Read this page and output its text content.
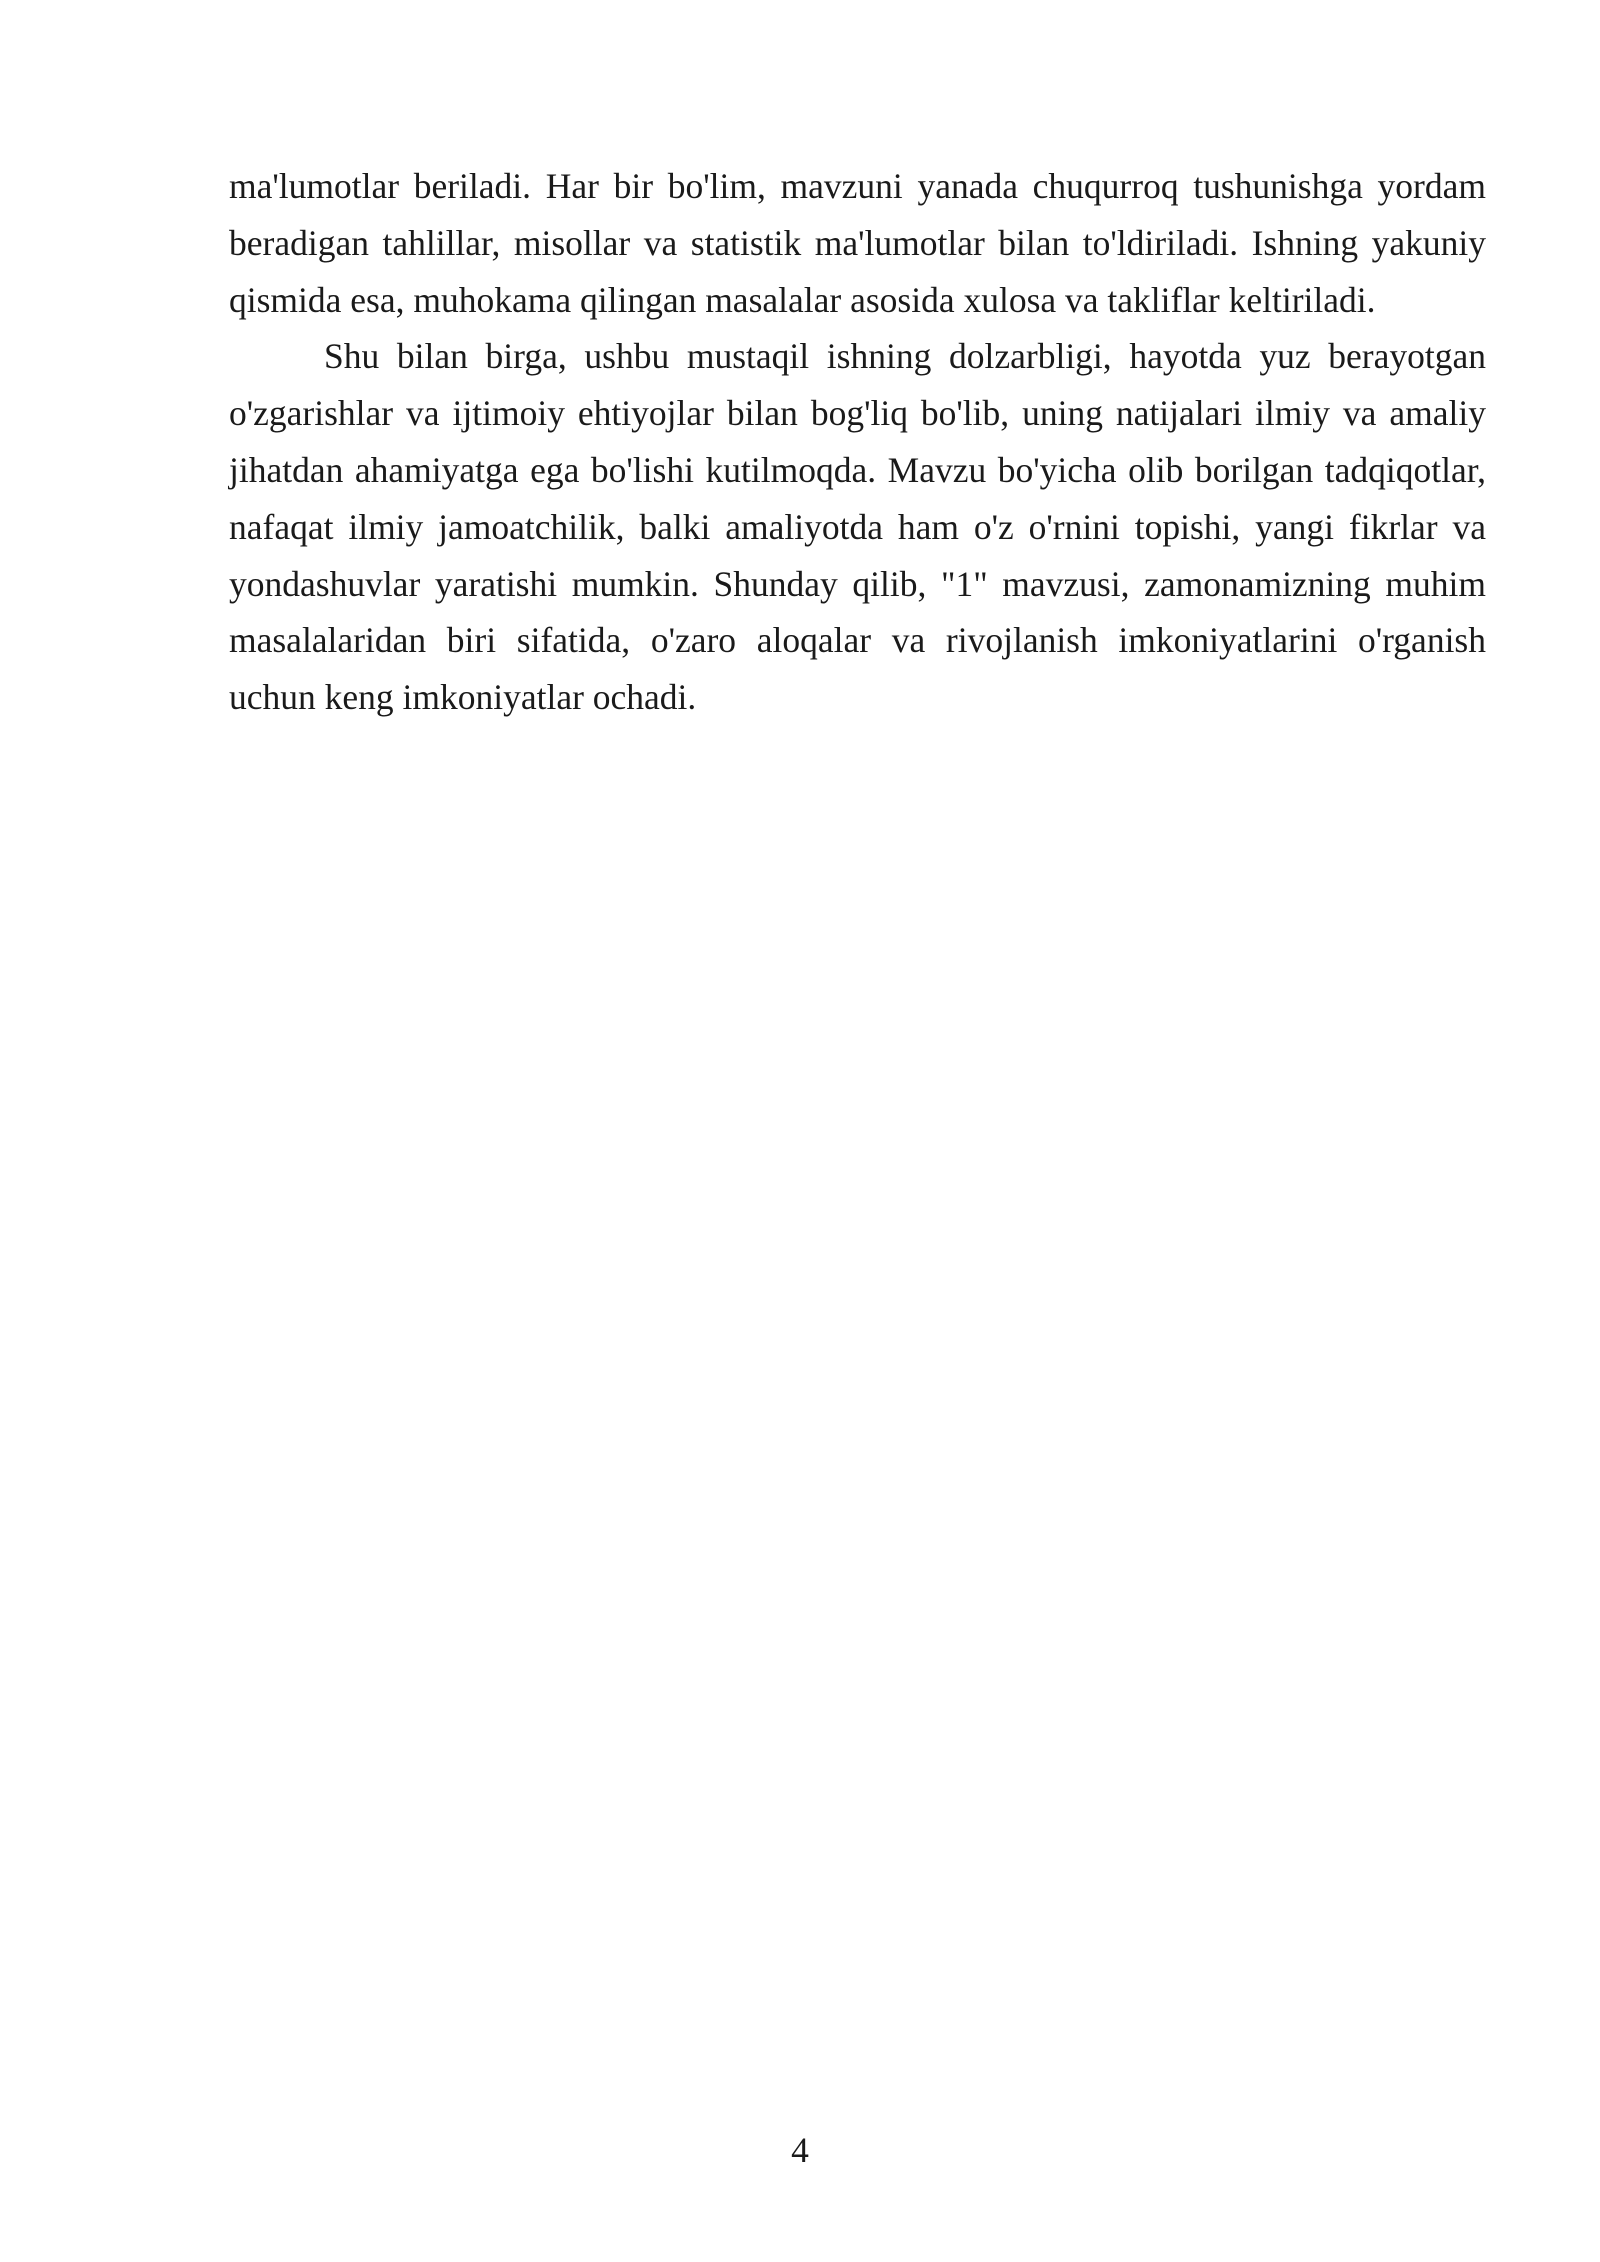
ma'lumotlar beriladi. Har bir bo'lim, mavzuni yanada chuqurroq tushunishga yordam beradigan tahlillar, misollar va statistik ma'lumotlar bilan to'ldiriladi. Ishning yakuniy qismida esa, muhokama qilingan masalalar asosida xulosa va takliflar keltiriladi.

Shu bilan birga, ushbu mustaqil ishning dolzarbligi, hayotda yuz berayotgan o'zgarishlar va ijtimoiy ehtiyojlar bilan bog'liq bo'lib, uning natijalari ilmiy va amaliy jihatdan ahamiyatga ega bo'lishi kutilmoqda. Mavzu bo'yicha olib borilgan tadqiqotlar, nafaqat ilmiy jamoatchilik, balki amaliyotda ham o'z o'rnini topishi, yangi fikrlar va yondashuvlar yaratishi mumkin. Shunday qilib, "1" mavzusi, zamonamizning muhim masalalaridan biri sifatida, o'zaro aloqalar va rivojlanish imkoniyatlarini o'rganish uchun keng imkoniyatlar ochadi.

4
